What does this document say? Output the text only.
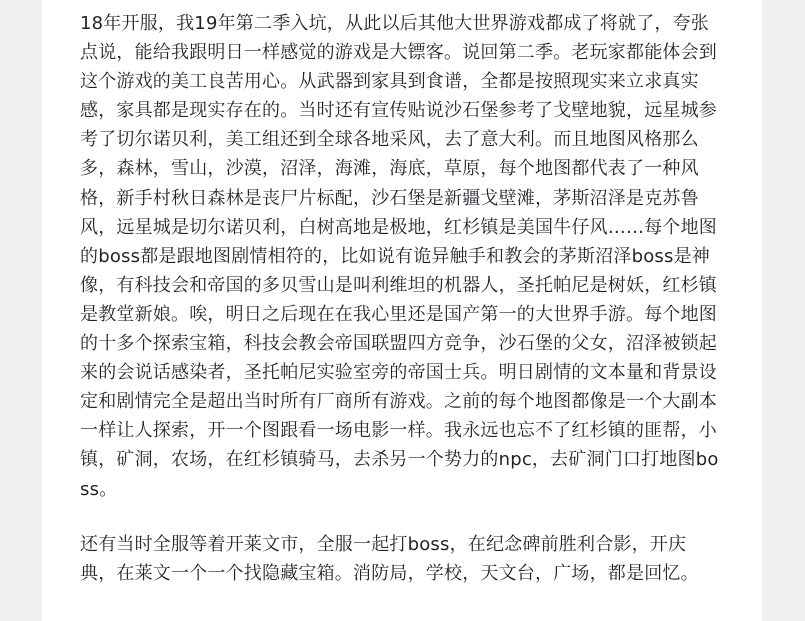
18年开服，我19年第二季入坑，从此以后其他大世界游戏都成了将就了，夸张点说，能给我跟明日一样感觉的游戏是大镖客。说回第二季。老玩家都能体会到这个游戏的美工良苦用心。从武器到家具到食谱，全都是按照现实来立求真实感，家具都是现实存在的。当时还有宣传贴说沙石堡参考了戈壁地貌，远星城参考了切尔诺贝利，美工组还到全球各地采风，去了意大利。而且地图风格那么多，森林，雪山，沙漠，沼泽，海滩，海底，草原，每个地图都代表了一种风格，新手村秋日森林是丧尸片标配，沙石堡是新疆戈壁滩，茅斯沼泽是克苏鲁风，远星城是切尔诺贝利，白树高地是极地，红杉镇是美国牛仔风……每个地图的boss都是跟地图剧情相符的，比如说有诡异触手和教会的茅斯沼泽boss是神像，有科技会和帝国的多贝雪山是叫利维坦的机器人，圣托帕尼是树妖，红杉镇是教堂新娘。唉，明日之后现在在我心里还是国产第一的大世界手游。每个地图的十多个探索宝箱，科技会教会帝国联盟四方竞争，沙石堡的父女，沼泽被锁起来的会说话感染者，圣托帕尼实验室旁的帝国士兵。明日剧情的文本量和背景设定和剧情完全是超出当时所有厂商所有游戏。之前的每个地图都像是一个大副本一样让人探索，开一个图跟看一场电影一样。我永远也忘不了红杉镇的匪帮，小镇，矿洞，农场，在红杉镇骑马，去杀另一个势力的npc，去矿洞门口打地图boss。

还有当时全服等着开莱文市，全服一起打boss，在纪念碑前胜利合影，开庆典，在莱文一个一个找隐藏宝箱。消防局，学校，天文台，广场，都是回忆。
